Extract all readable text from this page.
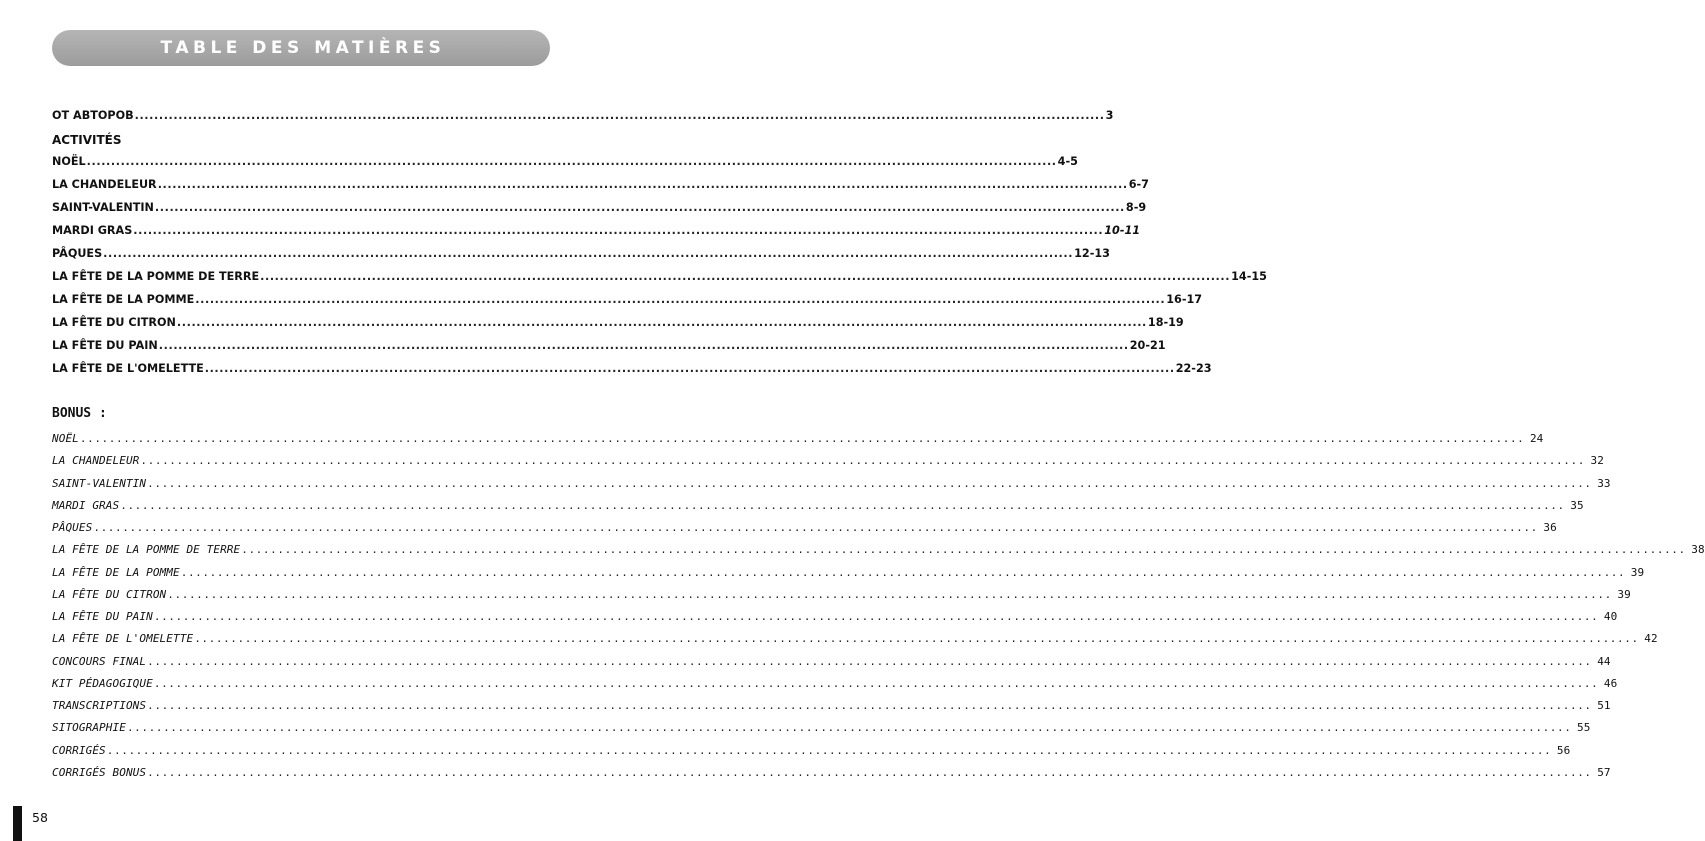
TABLE DES MATIÈRES
OT ABTOPOB ........................................................................................................................................................................................................ 3
ACTIVITÉS
NOËL ........................................................................................................................................................................................................ 4-5
LA CHANDELEUR ........................................................................................................................................................................................................ 6-7
SAINT-VALENTIN ........................................................................................................................................................................................................ 8-9
MARDI GRAS ........................................................................................................................................................................................................ 10-11
PÂQUES ........................................................................................................................................................................................................ 12-13
LA FÊTE DE LA POMME DE TERRE ........................................................................................................................................................................................................ 14-15
LA FÊTE DE LA POMME ........................................................................................................................................................................................................ 16-17
LA FÊTE DU CITRON ........................................................................................................................................................................................................ 18-19
LA FÊTE DU PAIN ........................................................................................................................................................................................................ 20-21
LA FÊTE DE L'OMELETTE ........................................................................................................................................................................................................ 22-23
BONUS :
NOËL ........................................................................................................................................................................................................ 24
LA CHANDELEUR ........................................................................................................................................................................................................ 32
SAINT-VALENTIN ........................................................................................................................................................................................................ 33
MARDI GRAS ........................................................................................................................................................................................................ 35
PÂQUES ........................................................................................................................................................................................................ 36
LA FÊTE DE LA POMME DE TERRE ........................................................................................................................................................................................................ 38
LA FÊTE DE LA POMME ........................................................................................................................................................................................................ 39
LA FÊTE DU CITRON ........................................................................................................................................................................................................ 39
LA FÊTE DU PAIN ........................................................................................................................................................................................................ 40
LA FÊTE DE L'OMELETTE ........................................................................................................................................................................................................ 42
CONCOURS FINAL ........................................................................................................................................................................................................ 44
KIT PÉDAGOGIQUE ........................................................................................................................................................................................................ 46
TRANSCRIPTIONS ........................................................................................................................................................................................................ 51
SITOGRAPHIE ........................................................................................................................................................................................................ 55
CORRIGÉS ........................................................................................................................................................................................................ 56
CORRIGÉS BONUS ........................................................................................................................................................................................................ 57
58
